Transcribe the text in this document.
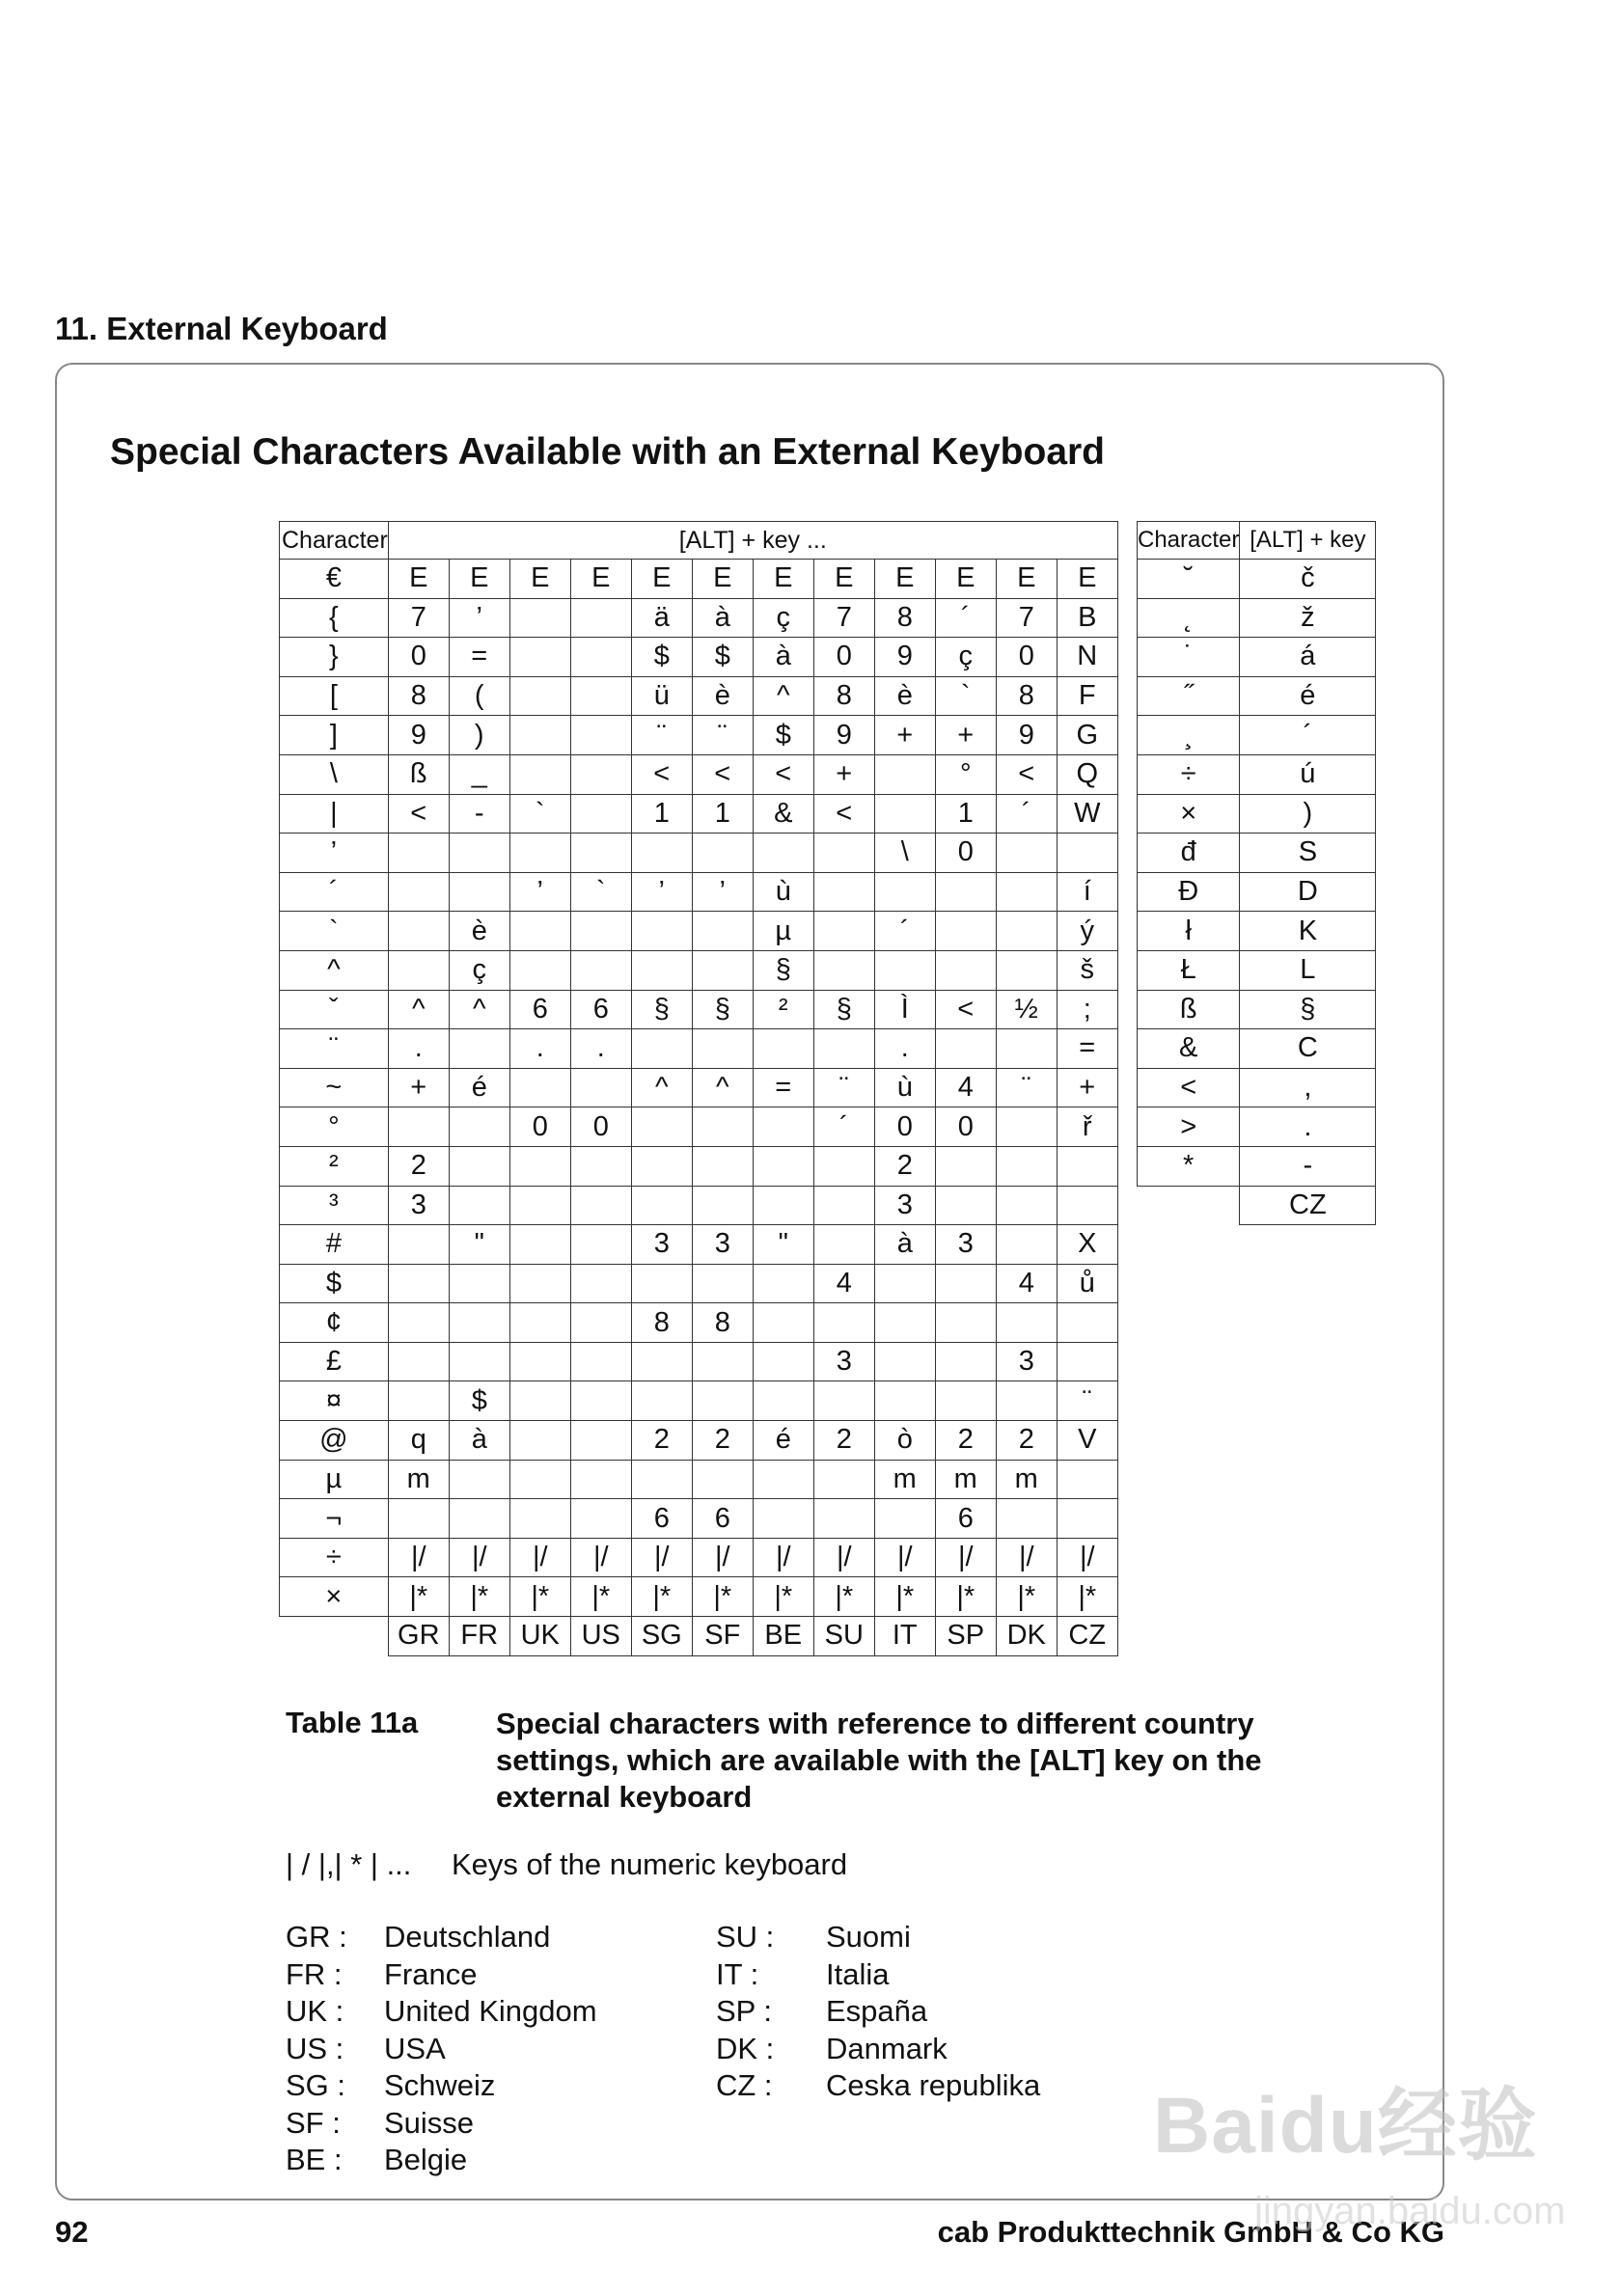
11. External Keyboard
Special Characters Available with an External Keyboard
Character	[ALT] + key ...											
€	E	E	E	E	E	E	E	E	E	E	E	E
{	7	’			ä	à	ç	7	8	´	7	B
}	0	=			$	$	à	0	9	ç	0	N
[	8	(			ü	è	^	8	è	`	8	F
]	9	)			¨	¨	$	9	+	+	9	G
\	ß	_			<	<	<	+		°	<	Q
|	<	-	`		1	1	&	<		1	´	W
’									\	0		
´			’	`	’	’	ù					í
`		è					µ		´			ý
^		ç					§					š
ˇ	^	^	6	6	§	§	²	§	Ì	<	½	;
¨	.		.	.					.			=
~	+	é			^	^	=	¨	ù	4	¨	+
°			0	0				´	0	0		ř
²	2								2			
³	3								3			
#		"			3	3	"		à	3		X
$								4			4	ů
¢					8	8						
£								3			3	
¤		$										¨
@	q	à			2	2	é	2	ò	2	2	V
µ	m								m	m	m	
¬					6	6				6		
÷	|/	|/	|/	|/	|/	|/	|/	|/	|/	|/	|/	|/
×	|*	|*	|*	|*	|*	|*	|*	|*	|*	|*	|*	|*
	GR	FR	UK	US	SG	SF	BE	SU	IT	SP	DK	CZ
Character	[ALT] + key
˘	č
˛	ž
˙	á
˝	é
¸	´
÷	ú
×	)
đ	S
Đ	D
ł	K
Ł	L
ß	§
&	C
<	,
>	.
*	-
	CZ
Table 11a	Special characters with reference to different country settings, which are available with the [ALT] key on the external keyboard
| / |,| * | ... Keys of the numeric keyboard
GR : Deutschland
FR : France
UK : United Kingdom
US : USA
SG : Schweiz
SF : Suisse
BE : Belgie
SU : Suomi
IT : Italia
SP : España
DK : Danmark
CZ : Ceska republika
92	cab Produkttechnik GmbH & Co KG
Baidu经验
jingyan.baidu.com
